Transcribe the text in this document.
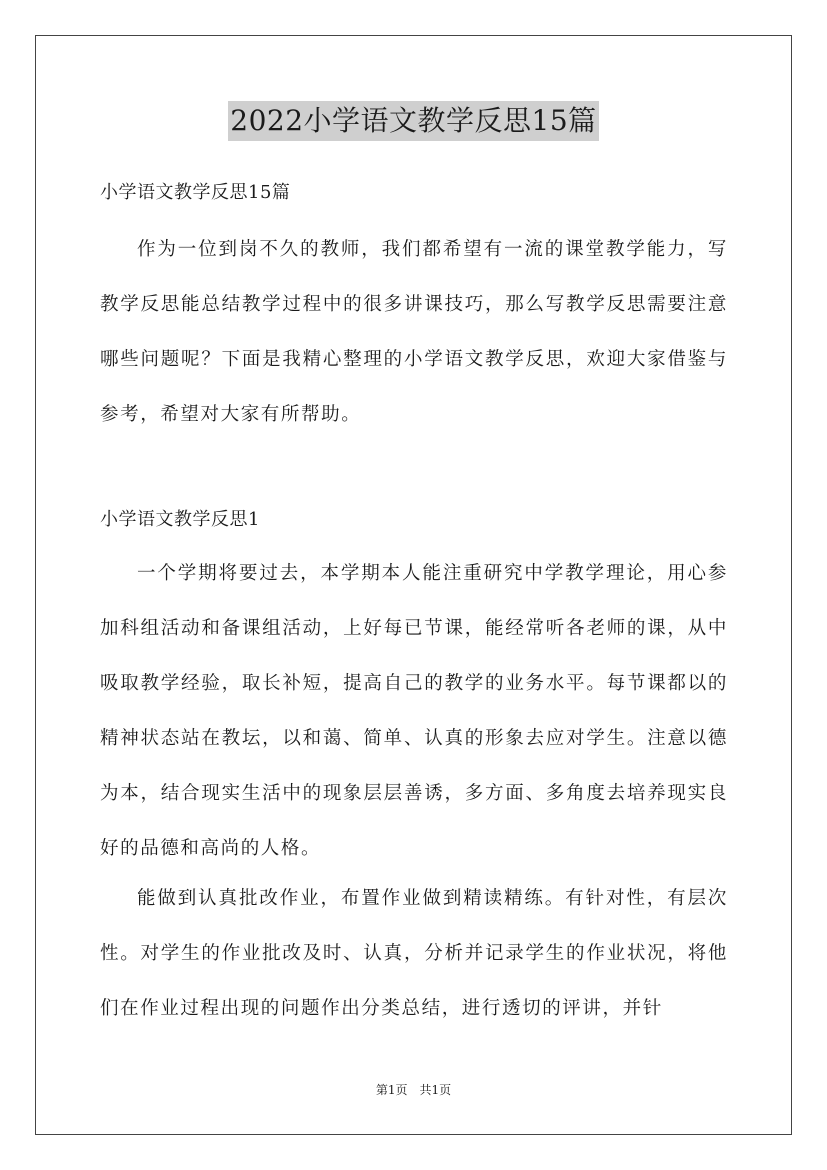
2022小学语文教学反思15篇
小学语文教学反思15篇
作为一位到岗不久的教师，我们都希望有一流的课堂教学能力，写教学反思能总结教学过程中的很多讲课技巧，那么写教学反思需要注意哪些问题呢？下面是我精心整理的小学语文教学反思，欢迎大家借鉴与参考，希望对大家有所帮助。
小学语文教学反思1
一个学期将要过去，本学期本人能注重研究中学教学理论，用心参加科组活动和备课组活动，上好每已节课，能经常听各老师的课，从中吸取教学经验，取长补短，提高自己的教学的业务水平。每节课都以的精神状态站在教坛，以和蔼、简单、认真的形象去应对学生。注意以德为本，结合现实生活中的现象层层善诱，多方面、多角度去培养现实良好的品德和高尚的人格。
能做到认真批改作业，布置作业做到精读精练。有针对性，有层次性。对学生的作业批改及时、认真，分析并记录学生的作业状况，将他们在作业过程出现的问题作出分类总结，进行透切的评讲，并针
第1页　共1页
